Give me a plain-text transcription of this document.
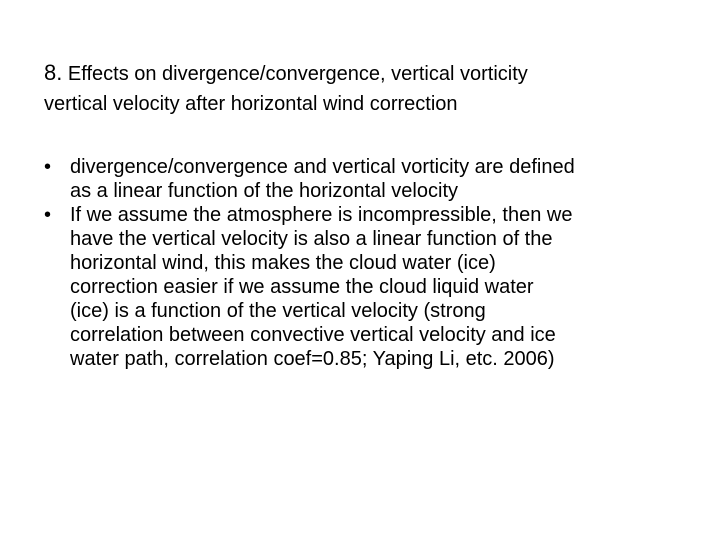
8. Effects on divergence/convergence, vertical vorticity
vertical velocity after horizontal wind correction
• divergence/convergence and vertical vorticity are defined
as a linear function of the horizontal velocity
• If we assume the atmosphere is incompressible, then we
have the vertical velocity is also a linear function of the
horizontal wind, this makes the cloud water (ice)
correction easier if we assume the cloud liquid water
(ice) is a function of the vertical velocity (strong
correlation between convective vertical velocity and ice
water path, correlation coef=0.85; Yaping Li, etc. 2006)
